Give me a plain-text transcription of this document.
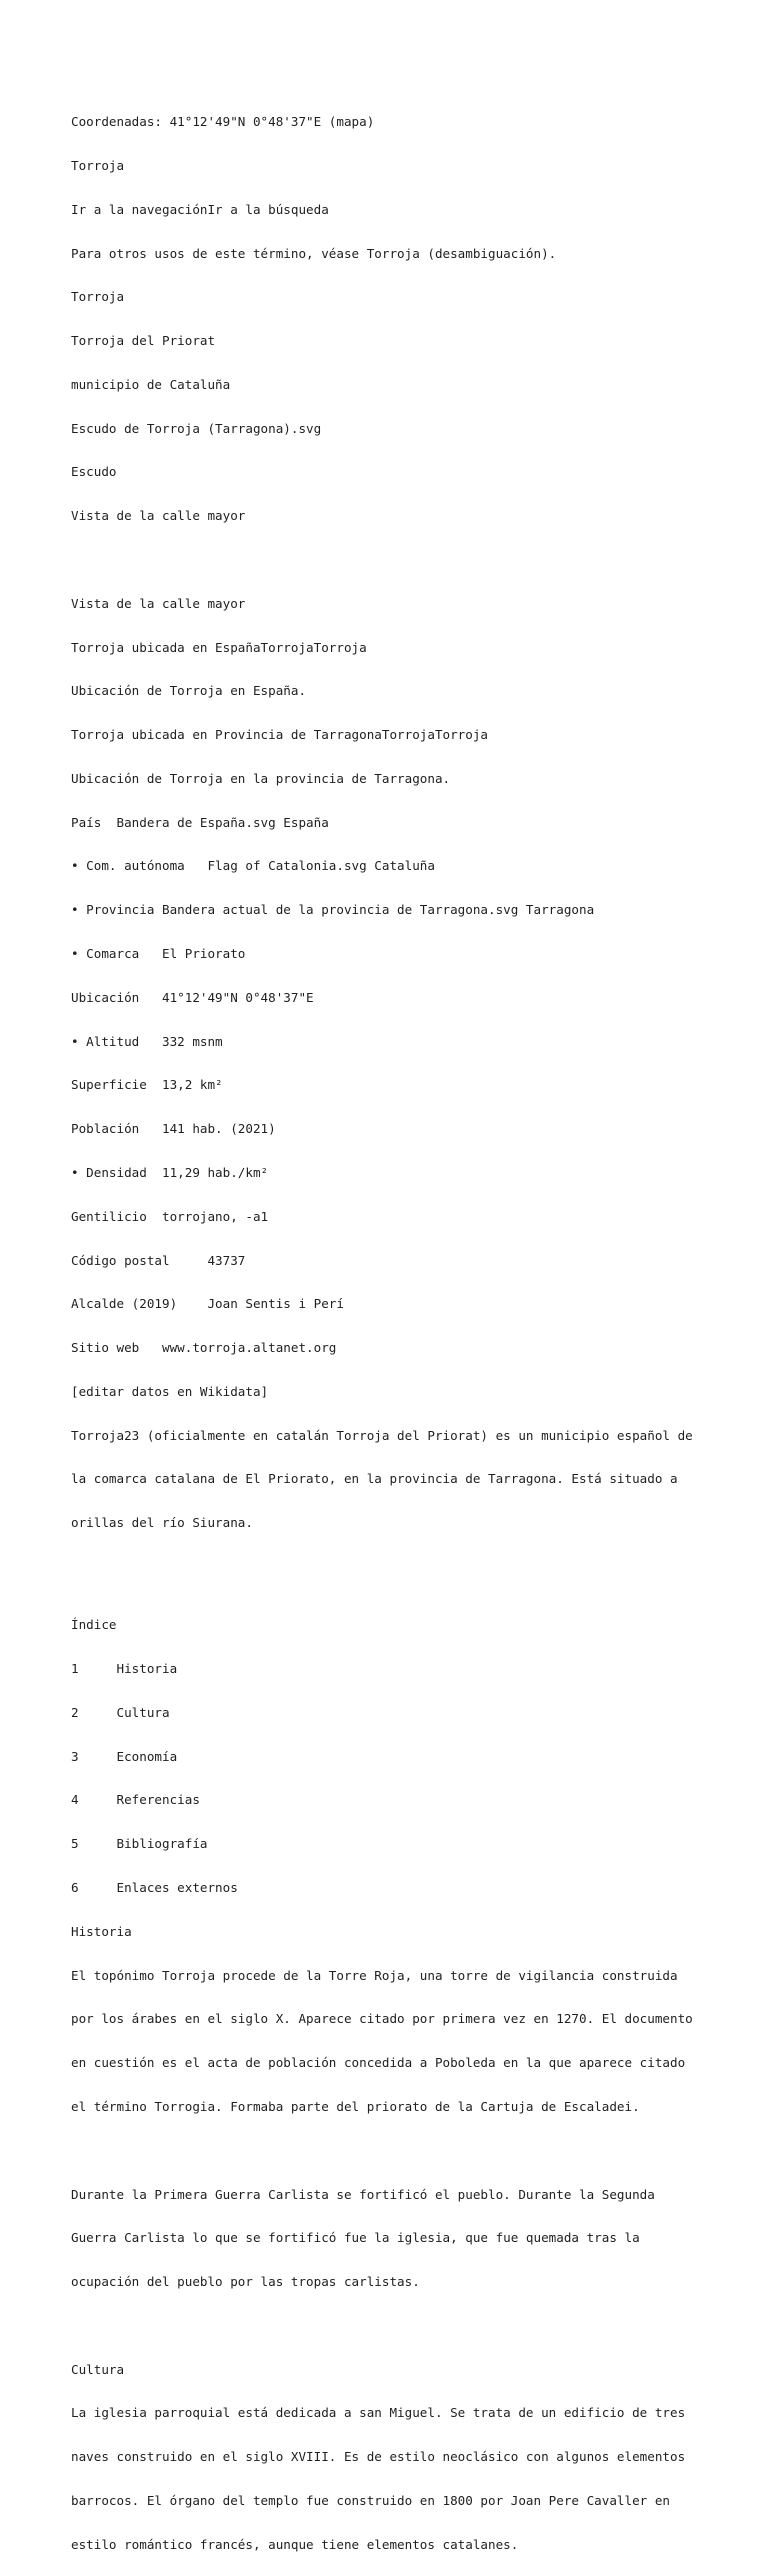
Coordenadas: 41°12'49"N 0°48'37"E (mapa)

Torroja

Ir a la navegaciónIr a la búsqueda

Para otros usos de este término, véase Torroja (desambiguación).

Torroja

Torroja del Priorat

municipio de Cataluña

Escudo de Torroja (Tarragona).svg

Escudo

Vista de la calle mayor

Vista de la calle mayor

Torroja ubicada en EspañaTorrojaTorroja

Ubicación de Torroja en España.

Torroja ubicada en Provincia de TarragonaTorrojaTorroja

Ubicación de Torroja en la provincia de Tarragona.

País  Bandera de España.svg España

• Com. autónoma   Flag of Catalonia.svg Cataluña

• Provincia Bandera actual de la provincia de Tarragona.svg Tarragona

• Comarca   El Priorato

Ubicación   41°12'49"N 0°48'37"E

• Altitud   332 msnm

Superficie  13,2 km²

Población   141 hab. (2021)

• Densidad  11,29 hab./km²

Gentilicio  torrojano, -a1

Código postal     43737

Alcalde (2019)    Joan Sentis i Perí

Sitio web   www.torroja.altanet.org

[editar datos en Wikidata]

Torroja23 (oficialmente en catalán Torroja del Priorat) es un municipio español de

la comarca catalana de El Priorato, en la provincia de Tarragona. Está situado a

orillas del río Siurana.

Índice

1     Historia

2     Cultura

3     Economía

4     Referencias

5     Bibliografía

6     Enlaces externos

Historia

El topónimo Torroja procede de la Torre Roja, una torre de vigilancia construida

por los árabes en el siglo X. Aparece citado por primera vez en 1270. El documento

en cuestión es el acta de población concedida a Poboleda en la que aparece citado

el término Torrogia. Formaba parte del priorato de la Cartuja de Escaladei.

Durante la Primera Guerra Carlista se fortificó el pueblo. Durante la Segunda

Guerra Carlista lo que se fortificó fue la iglesia, que fue quemada tras la

ocupación del pueblo por las tropas carlistas.

Cultura

La iglesia parroquial está dedicada a san Miguel. Se trata de un edificio de tres

naves construido en el siglo XVIII. Es de estilo neoclásico con algunos elementos

barrocos. El órgano del templo fue construido en 1800 por Joan Pere Cavaller en

estilo romántico francés, aunque tiene elementos catalanes.
